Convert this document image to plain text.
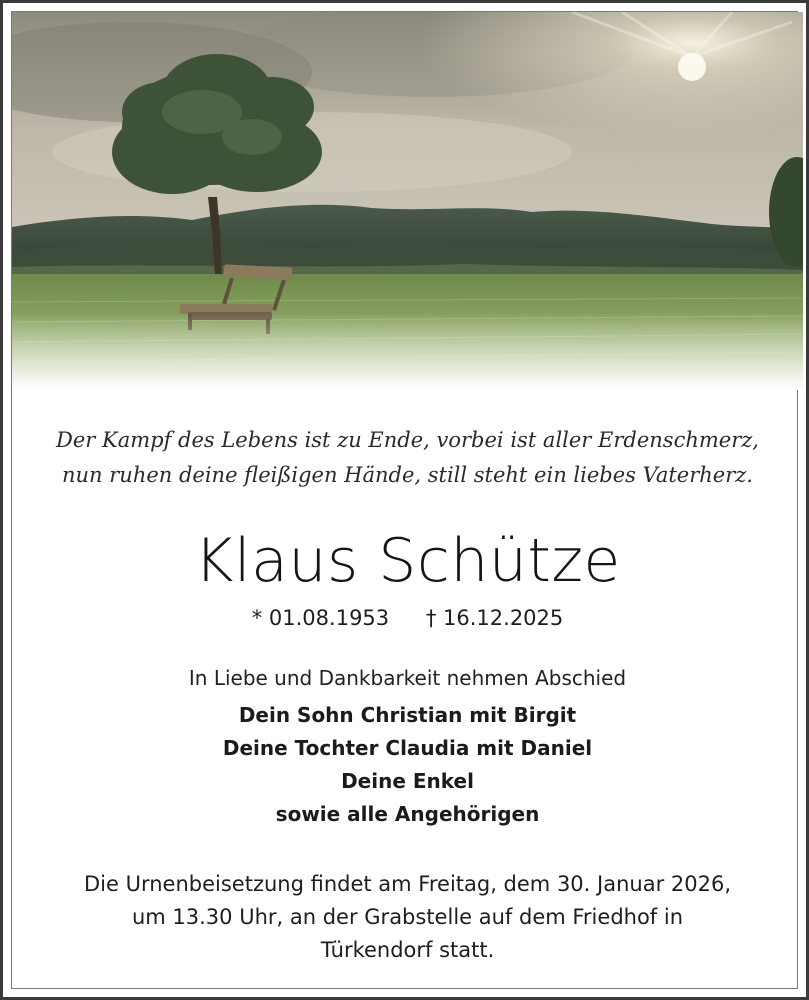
Der Kampf des Lebens ist zu Ende, vorbei ist aller Erdenschmerz,
nun ruhen deine fleißigen Hände, still steht ein liebes Vaterherz.
Klaus Schütze
* 01.08.1953 † 16.12.2025
In Liebe und Dankbarkeit nehmen Abschied
Dein Sohn Christian mit Birgit
Deine Tochter Claudia mit Daniel
Deine Enkel
sowie alle Angehörigen
Die Urnenbeisetzung findet am Freitag, dem 30. Januar 2026,
um 13.30 Uhr, an der Grabstelle auf dem Friedhof in
Türkendorf statt.
